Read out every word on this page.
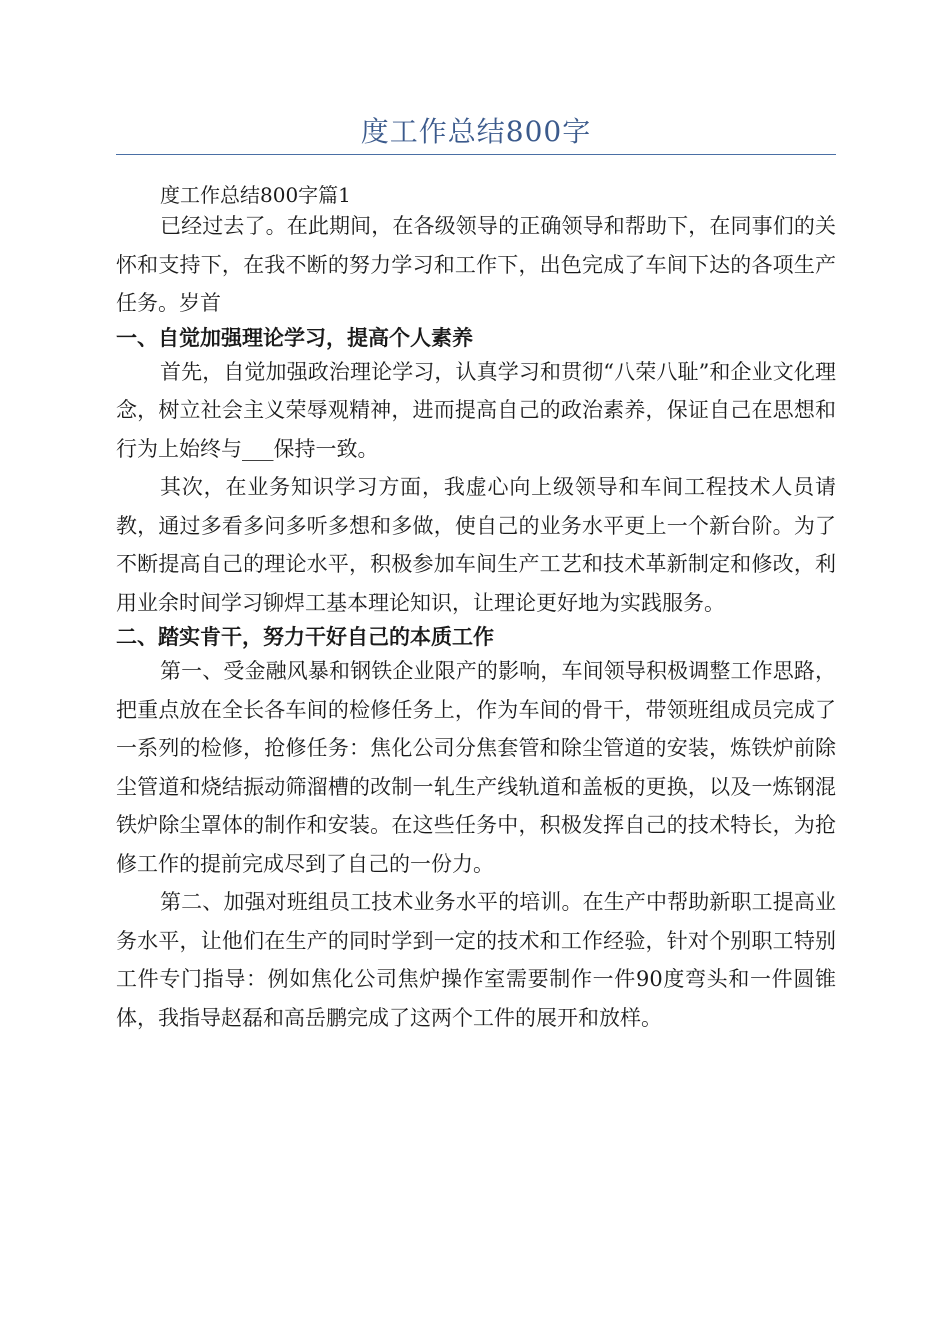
度工作总结800字
度工作总结800字篇1

已经过去了。在此期间，在各级领导的正确领导和帮助下，在同事们的关怀和支持下，在我不断的努力学习和工作下，出色完成了车间下达的各项生产任务。岁首

一、自觉加强理论学习，提高个人素养

首先，自觉加强政治理论学习，认真学习和贯彻“八荣八耻”和企业文化理念，树立社会主义荣辱观精神，进而提高自己的政治素养，保证自己在思想和行为上始终与___保持一致。

其次，在业务知识学习方面，我虚心向上级领导和车间工程技术人员请教，通过多看多问多听多想和多做，使自己的业务水平更上一个新台阶。为了不断提高自己的理论水平，积极参加车间生产工艺和技术革新制定和修改，利用业余时间学习铆焊工基本理论知识，让理论更好地为实践服务。

二、踏实肯干，努力干好自己的本质工作

第一、受金融风暴和钢铁企业限产的影响，车间领导积极调整工作思路，把重点放在全长各车间的检修任务上，作为车间的骨干，带领班组成员完成了一系列的检修，抢修任务：焦化公司分焦套管和除尘管道的安装，炼铁炉前除尘管道和烧结振动筛溜槽的改制一轧生产线轨道和盖板的更换，以及一炼钢混铁炉除尘罩体的制作和安装。在这些任务中，积极发挥自己的技术特长，为抢修工作的提前完成尽到了自己的一份力。

第二、加强对班组员工技术业务水平的培训。在生产中帮助新职工提高业务水平，让他们在生产的同时学到一定的技术和工作经验，针对个别职工特别工件专门指导：例如焦化公司焦炉操作室需要制作一件90度弯头和一件圆锥体，我指导赵磊和高岳鹏完成了这两个工件的展开和放样。
